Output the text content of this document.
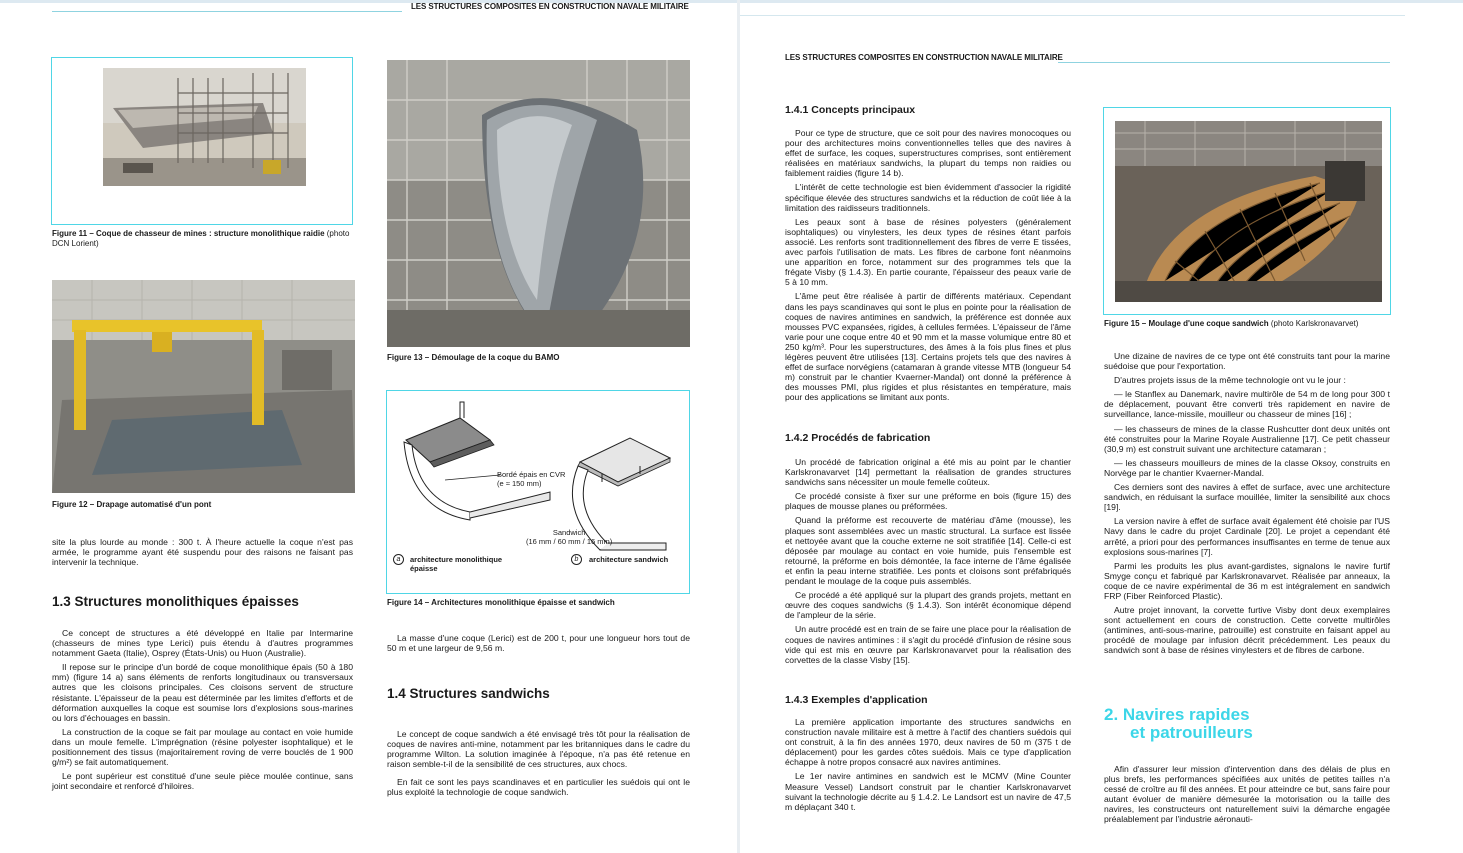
LES STRUCTURES COMPOSITES EN CONSTRUCTION NAVALE MILITAIRE
Figure 11 – Coque de chasseur de mines : structure monolithique raidie (photo DCN Lorient)
Figure 12 – Drapage automatisé d'un pont

site la plus lourde au monde : 300 t. À l'heure actuelle la coque n'est pas armée, le programme ayant été suspendu pour des raisons ne faisant pas intervenir la technique.

1.3 Structures monolithiques épaisses

Ce concept de structures a été développé en Italie par Intermarine (chasseurs de mines type Lerici) puis étendu à d'autres programmes notamment Gaeta (Italie), Osprey (États-Unis) ou Huon (Australie).

Il repose sur le principe d'un bordé de coque monolithique épais (50 à 180 mm) (figure 14 a) sans éléments de renforts longitudinaux ou transversaux autres que les cloisons principales. Ces cloisons servent de structure résistante. L'épaisseur de la peau est déterminée par les limites d'efforts et de déformation auxquelles la coque est soumise lors d'explosions sous-marines ou lors d'échouages en bassin.

La construction de la coque se fait par moulage au contact en voie humide dans un moule femelle. L'imprégnation (résine polyester isophtalique) et le positionnement des tissus (majoritairement roving de verre bouclés de 1 900 g/m²) se fait automatiquement.

Le pont supérieur est constitué d'une seule pièce moulée continue, sans joint secondaire et renforcé d'hiloires.

Figure 13 – Démoulage de la coque du BAMO
Bordé épais en CVR
(e ≈ 150 mm)
Sandwich
(16 mm / 60 mm / 16 mm)
a	architecture monolithique épaisse
b	architecture sandwich
Figure 14 – Architectures monolithique épaisse et sandwich

La masse d'une coque (Lerici) est de 200 t, pour une longueur hors tout de 50 m et une largeur de 9,56 m.

1.4 Structures sandwichs

Le concept de coque sandwich a été envisagé très tôt pour la réalisation de coques de navires anti-mine, notamment par les britanniques dans le cadre du programme Wilton. La solution imaginée à l'époque, n'a pas été retenue en raison semble-t-il de la sensibilité de ces structures, aux chocs.

En fait ce sont les pays scandinaves et en particulier les suédois qui ont le plus exploité la technologie de coque sandwich.

LES STRUCTURES COMPOSITES EN CONSTRUCTION NAVALE MILITAIRE
1.4.1 Concepts principaux

Pour ce type de structure, que ce soit pour des navires monocoques ou pour des architectures moins conventionnelles telles que des navires à effet de surface, les coques, superstructures comprises, sont entièrement réalisées en matériaux sandwichs, la plupart du temps non raidies ou faiblement raidies (figure 14 b).

L'intérêt de cette technologie est bien évidemment d'associer la rigidité spécifique élevée des structures sandwichs et la réduction de coût liée à la limitation des raidisseurs traditionnels.

Les peaux sont à base de résines polyesters (généralement isophtaliques) ou vinylesters, les deux types de résines étant parfois associé. Les renforts sont traditionnellement des fibres de verre E tissées, avec parfois l'utilisation de mats. Les fibres de carbone font néanmoins une apparition en force, notamment sur des programmes tels que la frégate Visby (§ 1.4.3). En partie courante, l'épaisseur des peaux varie de 5 à 10 mm.

L'âme peut être réalisée à partir de différents matériaux. Cependant dans les pays scandinaves qui sont le plus en pointe pour la réalisation de coques de navires antimines en sandwich, la préférence est donnée aux mousses PVC expansées, rigides, à cellules fermées. L'épaisseur de l'âme varie pour une coque entre 40 et 90 mm et la masse volumique entre 80 et 250 kg/m³. Pour les superstructures, des âmes à la fois plus fines et plus légères peuvent être utilisées [13]. Certains projets tels que des navires à effet de surface norvégiens (catamaran à grande vitesse MTB (longueur 54 m) construit par le chantier Kvaerner-Mandal) ont donné la préférence à des mousses PMI, plus rigides et plus résistantes en température, mais pour des applications se limitant aux ponts.

1.4.2 Procédés de fabrication

Un procédé de fabrication original a été mis au point par le chantier Karlskronavarvet [14] permettant la réalisation de grandes structures sandwichs sans nécessiter un moule femelle coûteux.

Ce procédé consiste à fixer sur une préforme en bois (figure 15) des plaques de mousse planes ou préformées.

Quand la préforme est recouverte de matériau d'âme (mousse), les plaques sont assemblées avec un mastic structural. La surface est lissée et nettoyée avant que la couche externe ne soit stratifiée [14]. Celle-ci est déposée par moulage au contact en voie humide, puis l'ensemble est retourné, la préforme en bois démontée, la face interne de l'âme égalisée et enfin la peau interne stratifiée. Les ponts et cloisons sont préfabriqués pendant le moulage de la coque puis assemblés.

Ce procédé a été appliqué sur la plupart des grands projets, mettant en œuvre des coques sandwichs (§ 1.4.3). Son intérêt économique dépend de l'ampleur de la série.

Un autre procédé est en train de se faire une place pour la réalisation de coques de navires antimines : il s'agit du procédé d'infusion de résine sous vide qui est mis en œuvre par Karlskronavarvet pour la réalisation des corvettes de la classe Visby [15].

1.4.3 Exemples d'application

La première application importante des structures sandwichs en construction navale militaire est à mettre à l'actif des chantiers suédois qui ont construit, à la fin des années 1970, deux navires de 50 m (375 t de déplacement) pour les gardes côtes suédois. Mais ce type d'application échappe à notre propos consacré aux navires antimines.

Le 1er navire antimines en sandwich est le MCMV (Mine Counter Measure Vessel) Landsort construit par le chantier Karlskronavarvet suivant la technologie décrite au § 1.4.2. Le Landsort est un navire de 47,5 m déplaçant 340 t.

Figure 15 – Moulage d'une coque sandwich (photo Karlskronavarvet)

Une dizaine de navires de ce type ont été construits tant pour la marine suédoise que pour l'exportation.

D'autres projets issus de la même technologie ont vu le jour :

— le Stanflex au Danemark, navire multirôle de 54 m de long pour 300 t de déplacement, pouvant être converti très rapidement en navire de surveillance, lance-missile, mouilleur ou chasseur de mines [16] ;

— les chasseurs de mines de la classe Rushcutter dont deux unités ont été construites pour la Marine Royale Australienne [17]. Ce petit chasseur (30,9 m) est construit suivant une architecture catamaran ;

— les chasseurs mouilleurs de mines de la classe Oksoy, construits en Norvège par le chantier Kvaerner-Mandal.

Ces derniers sont des navires à effet de surface, avec une architecture sandwich, en réduisant la surface mouillée, limiter la sensibilité aux chocs [19].

La version navire à effet de surface avait également été choisie par l'US Navy dans le cadre du projet Cardinale [20]. Le projet a cependant été arrêté, a priori pour des performances insuffisantes en terme de tenue aux explosions sous-marines [7].

Parmi les produits les plus avant-gardistes, signalons le navire furtif Smyge conçu et fabriqué par Karlskronavarvet. Réalisée par anneaux, la coque de ce navire expérimental de 36 m est intégralement en sandwich FRP (Fiber Reinforced Plastic).

Autre projet innovant, la corvette furtive Visby dont deux exemplaires sont actuellement en cours de construction. Cette corvette multirôles (antimines, anti-sous-marine, patrouille) est construite en faisant appel au procédé de moulage par infusion décrit précédemment. Les peaux du sandwich sont à base de résines vinylesters et de fibres de carbone.

2. Navires rapides
et patrouilleurs

Afin d'assurer leur mission d'intervention dans des délais de plus en plus brefs, les performances spécifiées aux unités de petites tailles n'a cessé de croître au fil des années. Et pour atteindre ce but, sans faire pour autant évoluer de manière démesurée la motorisation ou la taille des navires, les constructeurs ont naturellement suivi la démarche engagée préalablement par l'industrie aéronauti-
